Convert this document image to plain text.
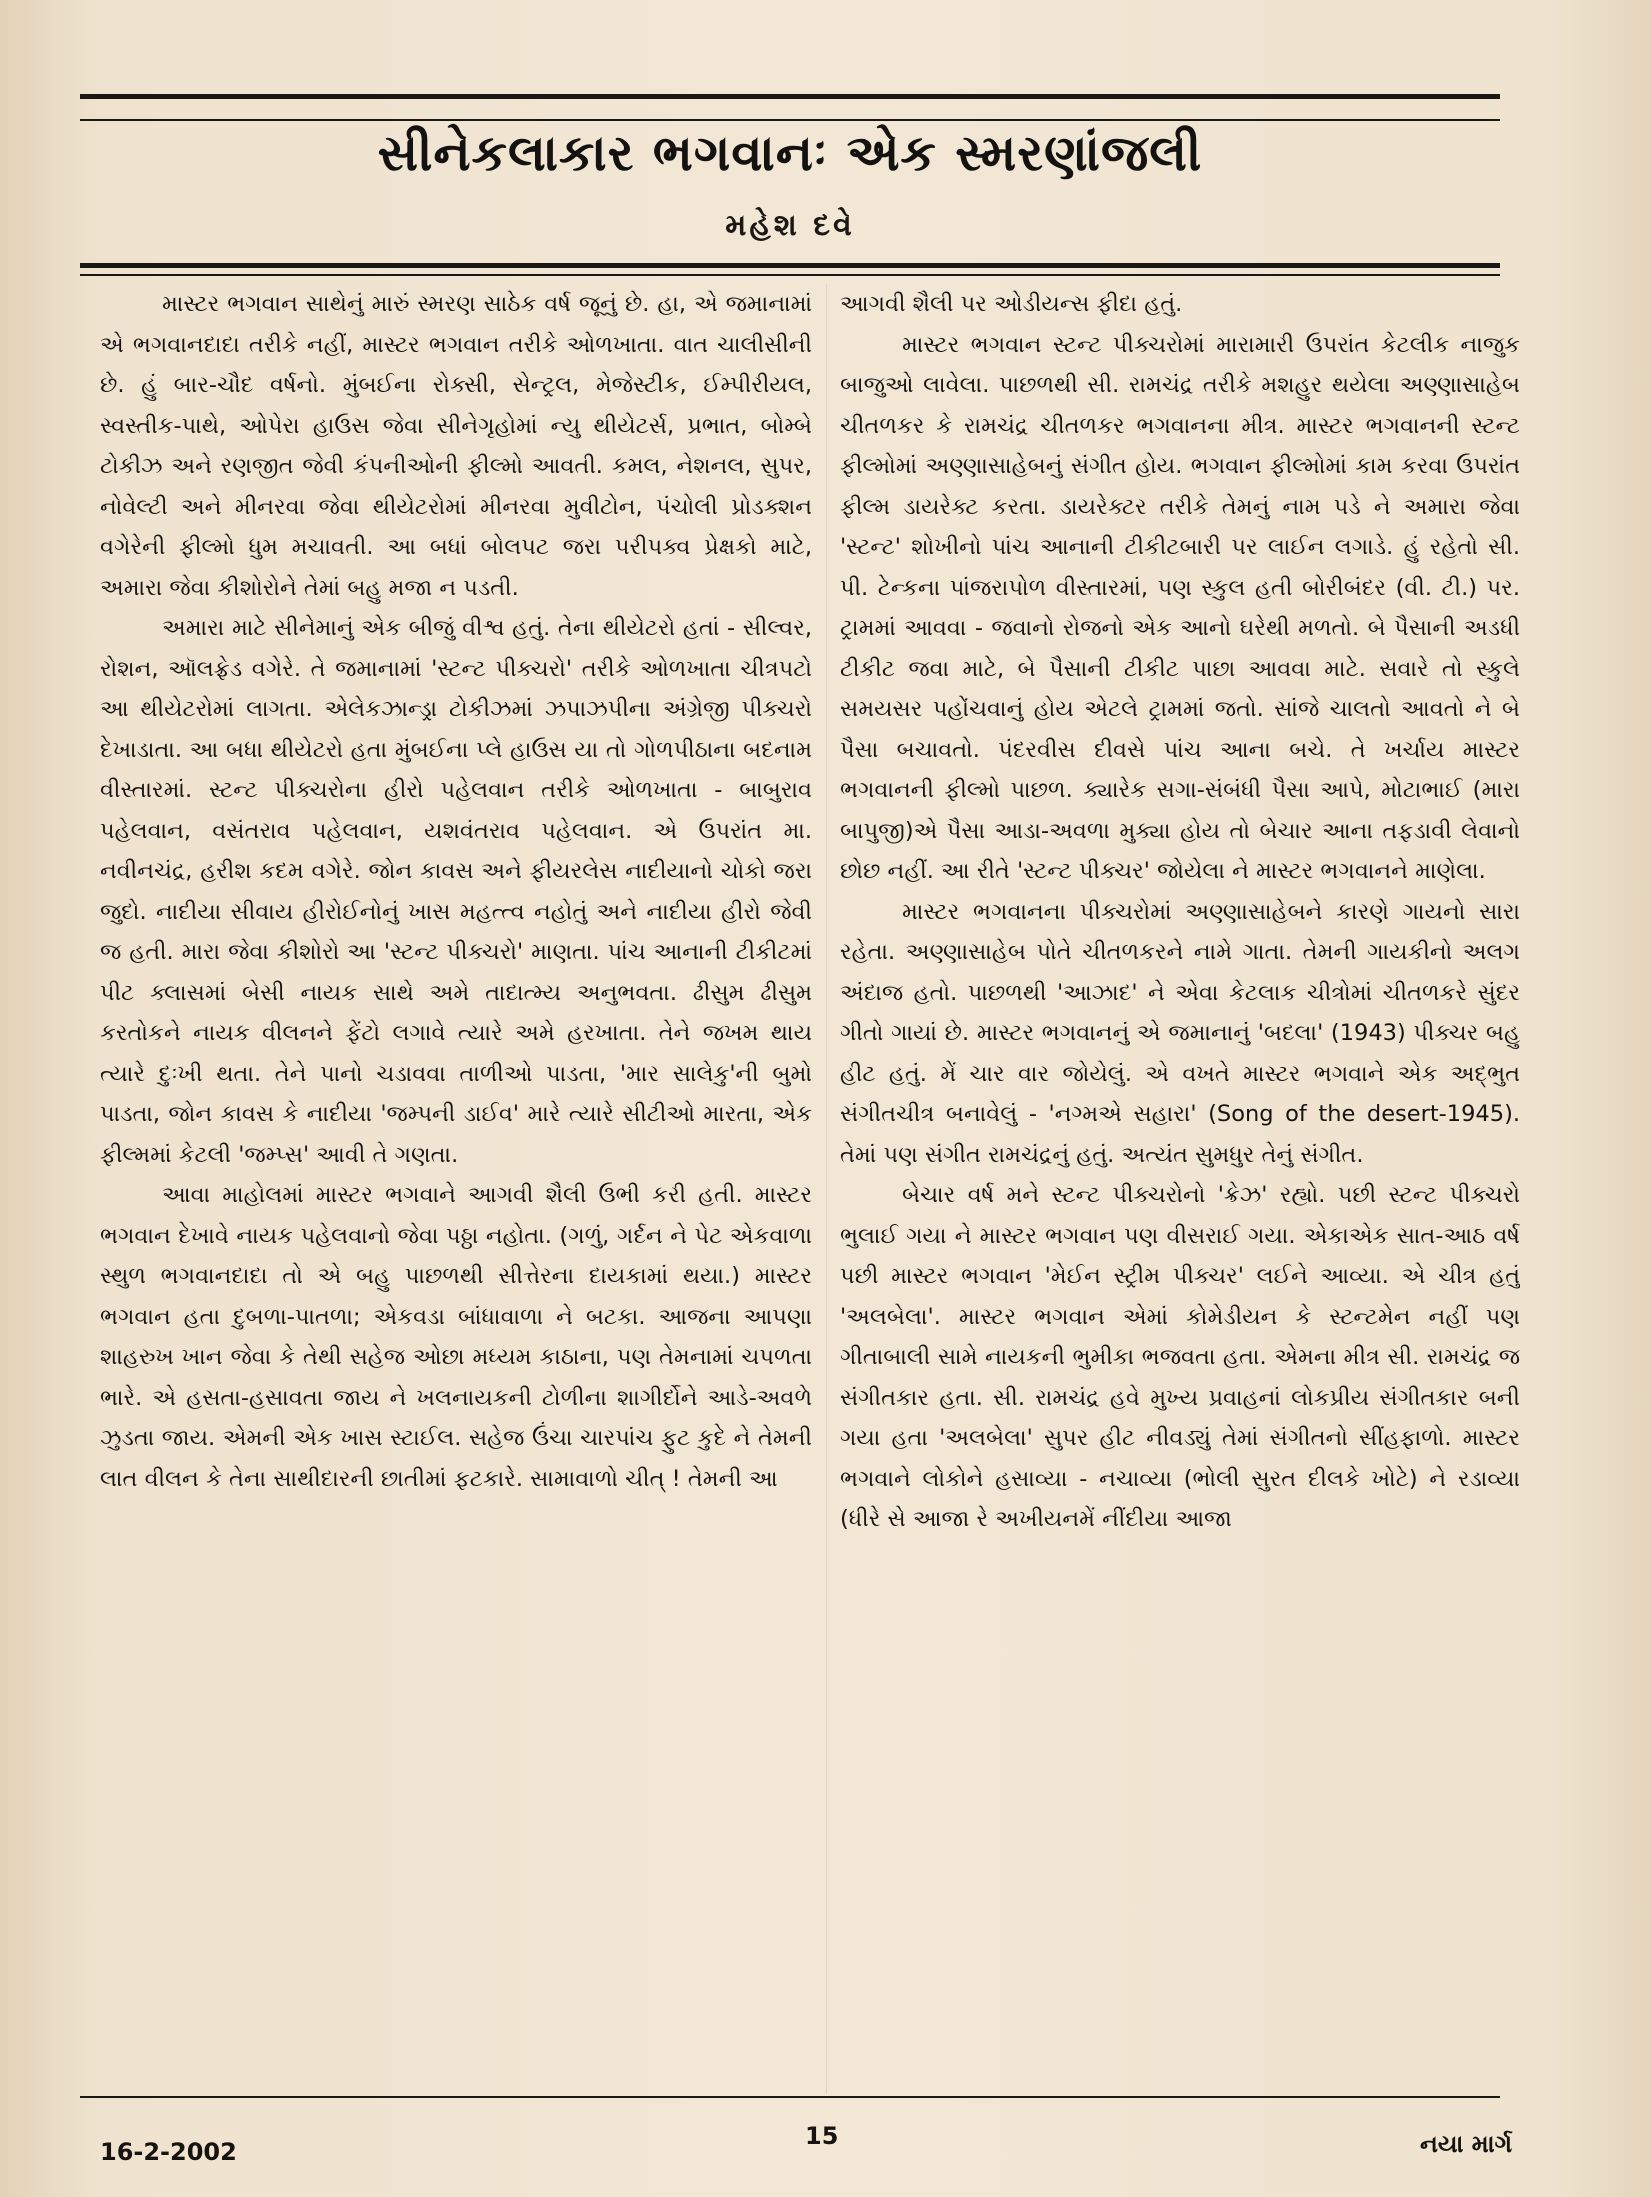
સીનેકલાકાર ભગવાનઃ એક સ્મરણાંજલી
મહેશ દવે

માસ્ટર ભગવાન સાથેનું મારું સ્મરણ સાઠેક વર્ષ જૂનું છે. હા, એ જમાનામાં એ ભગવાનદાદા તરીકે નહીં, માસ્ટર ભગવાન તરીકે ઓળખાતા. વાત ચાલીસીની છે. હું બાર-ચૌદ વર્ષનો. મુંબઈના રોક્સી, સેન્ટ્રલ, મેજેસ્ટીક, ઈમ્પીરીયલ, સ્વસ્તીક-પાથે, ઓપેરા હાઉસ જેવા સીનેગૃહોમાં ન્યુ થીયેટર્સ, પ્રભાત, બોમ્બે ટોકીઝ અને રણજીત જેવી કંપનીઓની ફીલ્મો આવતી. કમલ, નેશનલ, સુપર, નોવેલ્ટી અને મીનરવા જેવા થીયેટરોમાં મીનરવા મુવીટોન, પંચોલી પ્રોડક્શન વગેરેની ફીલ્મો ધુમ મચાવતી. આ બધાં બોલપટ જરા પરીપક્વ પ્રેક્ષકો માટે, અમારા જેવા કીશોરોને તેમાં બહુ મજા ન પડતી.

અમારા માટે સીનેમાનું એક બીજું વીશ્વ હતું. તેના થીયેટરો હતાં - સીલ્વર, રોશન, ઑલફ્રેડ વગેરે. તે જમાનામાં 'સ્ટન્ટ પીક્ચરો' તરીકે ઓળખાતા ચીત્રપટો આ થીયેટરોમાં લાગતા. એલેકઝાન્ડ્રા ટોકીઝમાં ઝપાઝપીના અંગ્રેજી પીક્ચરો દેખાડાતા. આ બધા થીયેટરો હતા મુંબઈના પ્લે હાઉસ યા તો ગોળપીઠાના બદનામ વીસ્તારમાં. સ્ટન્ટ પીક્ચરોના હીરો પહેલવાન તરીકે ઓળખાતા - બાબુરાવ પહેલવાન, વસંતરાવ પહેલવાન, યશવંતરાવ પહેલવાન. એ ઉપરાંત મા. નવીનચંદ્ર, હરીશ કદમ વગેરે. જોન કાવસ અને ફીયરલેસ નાદીયાનો ચોકો જરા જુદો. નાદીયા સીવાય હીરોઈનોનું ખાસ મહત્ત્વ નહોતું અને નાદીયા હીરો જેવી જ હતી. મારા જેવા કીશોરો આ 'સ્ટન્ટ પીક્ચરો' માણતા. પાંચ આનાની ટીકીટમાં પીટ ક્લાસમાં બેસી નાયક સાથે અમે તાદાત્મ્ય અનુભવતા. ઢીસુમ ઢીસુમ કરતોકને નાયક વીલનને ફેંટો લગાવે ત્યારે અમે હરખાતા. તેને જખમ થાય ત્યારે દુઃખી થતા. તેને પાનો ચડાવવા તાળીઓ પાડતા, 'માર સાલેકુ'ની બુમો પાડતા, જોન કાવસ કે નાદીયા 'જમ્પની ડાઈવ' મારે ત્યારે સીટીઓ મારતા, એક ફીલ્મમાં કેટલી 'જમ્પ્સ' આવી તે ગણતા.

આવા માહોલમાં માસ્ટર ભગવાને આગવી શૈલી ઉભી કરી હતી. માસ્ટર ભગવાન દેખાવે નાયક પહેલવાનો જેવા પઠ્ઠા નહોતા. (ગળું, ગર્દન ને પેટ એકવાળા સ્થુળ ભગવાનદાદા તો એ બહુ પાછળથી સીત્તેરના દાયકામાં થયા.) માસ્ટર ભગવાન હતા દુબળા-પાતળા; એકવડા બાંધાવાળા ને બટકા. આજના આપણા શાહરુખ ખાન જેવા કે તેથી સહેજ ઓછા મધ્યમ કાઠાના, પણ તેમનામાં ચપળતા ભારે. એ હસતા-હસાવતા જાય ને ખલનાયકની ટોળીના શાગીર્દોને આડે-અવળે ઝુડતા જાય. એમની એક ખાસ સ્ટાઈલ. સહેજ ઉંચા ચારપાંચ ફુટ કુદે ને તેમની લાત વીલન કે તેના સાથીદારની છાતીમાં ફટકારે. સામાવાળો ચીત્ ! તેમની આ

આગવી શૈલી પર ઓડીયન્સ ફીદા હતું.

માસ્ટર ભગવાન સ્ટન્ટ પીક્ચરોમાં મારામારી ઉપરાંત કેટલીક નાજુક બાજુઓ લાવેલા. પાછળથી સી. રામચંદ્ર તરીકે મશહુર થયેલા અણ્ણાસાહેબ ચીતળકર કે રામચંદ્ર ચીતળકર ભગવાનના મીત્ર. માસ્ટર ભગવાનની સ્ટન્ટ ફીલ્મોમાં અણ્ણાસાહેબનું સંગીત હોય. ભગવાન ફીલ્મોમાં કામ કરવા ઉપરાંત ફીલ્મ ડાયરેક્ટ કરતા. ડાયરેક્ટર તરીકે તેમનું નામ પડે ને અમારા જેવા 'સ્ટન્ટ' શોખીનો પાંચ આનાની ટીકીટબારી પર લાઈન લગાડે. હું રહેતો સી. પી. ટેન્કના પાંજરાપોળ વીસ્તારમાં, પણ સ્કુલ હતી બોરીબંદર (વી. ટી.) પર. ટ્રામમાં આવવા - જવાનો રોજનો એક આનો ઘરેથી મળતો. બે પૈસાની અડધી ટીકીટ જવા માટે, બે પૈસાની ટીકીટ પાછા આવવા માટે. સવારે તો સ્કુલે સમયસર પહોંચવાનું હોય એટલે ટ્રામમાં જતો. સાંજે ચાલતો આવતો ને બે પૈસા બચાવતો. પંદરવીસ દીવસે પાંચ આના બચે. તે ખર્ચાય માસ્ટર ભગવાનની ફીલ્મો પાછળ. ક્યારેક સગા-સંબંધી પૈસા આપે, મોટાભાઈ (મારા બાપુજી)એ પૈસા આડા-અવળા મુક્યા હોય તો બેચાર આના તફડાવી લેવાનો છોછ નહીં. આ રીતે 'સ્ટન્ટ પીક્ચર' જોયેલા ને માસ્ટર ભગવાનને માણેલા.

માસ્ટર ભગવાનના પીક્ચરોમાં અણ્ણાસાહેબને કારણે ગાયનો સારા રહેતા. અણ્ણાસાહેબ પોતે ચીતળકરને નામે ગાતા. તેમની ગાયકીનો અલગ અંદાજ હતો. પાછળથી 'આઝાદ' ને એવા કેટલાક ચીત્રોમાં ચીતળકરે સુંદર ગીતો ગાયાં છે. માસ્ટર ભગવાનનું એ જમાનાનું 'બદલા' (1943) પીક્ચર બહુ હીટ હતું. મેં ચાર વાર જોયેલું. એ વખતે માસ્ટર ભગવાને એક અદ્ભુત સંગીતચીત્ર બનાવેલું - 'નગ્મએ સહારા' (Song of the desert-1945). તેમાં પણ સંગીત રામચંદ્રનું હતું. અત્યંત સુમધુર તેનું સંગીત.

બેચાર વર્ષ મને સ્ટન્ટ પીક્ચરોનો 'ક્રેઝ' રહ્યો. પછી સ્ટન્ટ પીક્ચરો ભુલાઈ ગયા ને માસ્ટર ભગવાન પણ વીસરાઈ ગયા. એકાએક સાત-આઠ વર્ષ પછી માસ્ટર ભગવાન 'મેઈન સ્ટ્રીમ પીક્ચર' લઈને આવ્યા. એ ચીત્ર હતું 'અલબેલા'. માસ્ટર ભગવાન એમાં કોમેડીયન કે સ્ટન્ટમેન નહીં પણ ગીતાબાલી સામે નાયકની ભુમીકા ભજવતા હતા. એમના મીત્ર સી. રામચંદ્ર જ સંગીતકાર હતા. સી. રામચંદ્ર હવે મુખ્ય પ્રવાહનાં લોકપ્રીય સંગીતકાર બની ગયા હતા 'અલબેલા' સુપર હીટ નીવડ્યું તેમાં સંગીતનો સીંહફાળો. માસ્ટર ભગવાને લોકોને હસાવ્યા - નચાવ્યા (ભોલી સુરત દીલકે ખોટે) ને રડાવ્યા (ધીરે સે આજા રે અખીયનમેં નીંદીયા આજા

16-2-2002
15	નયા માર્ગ
